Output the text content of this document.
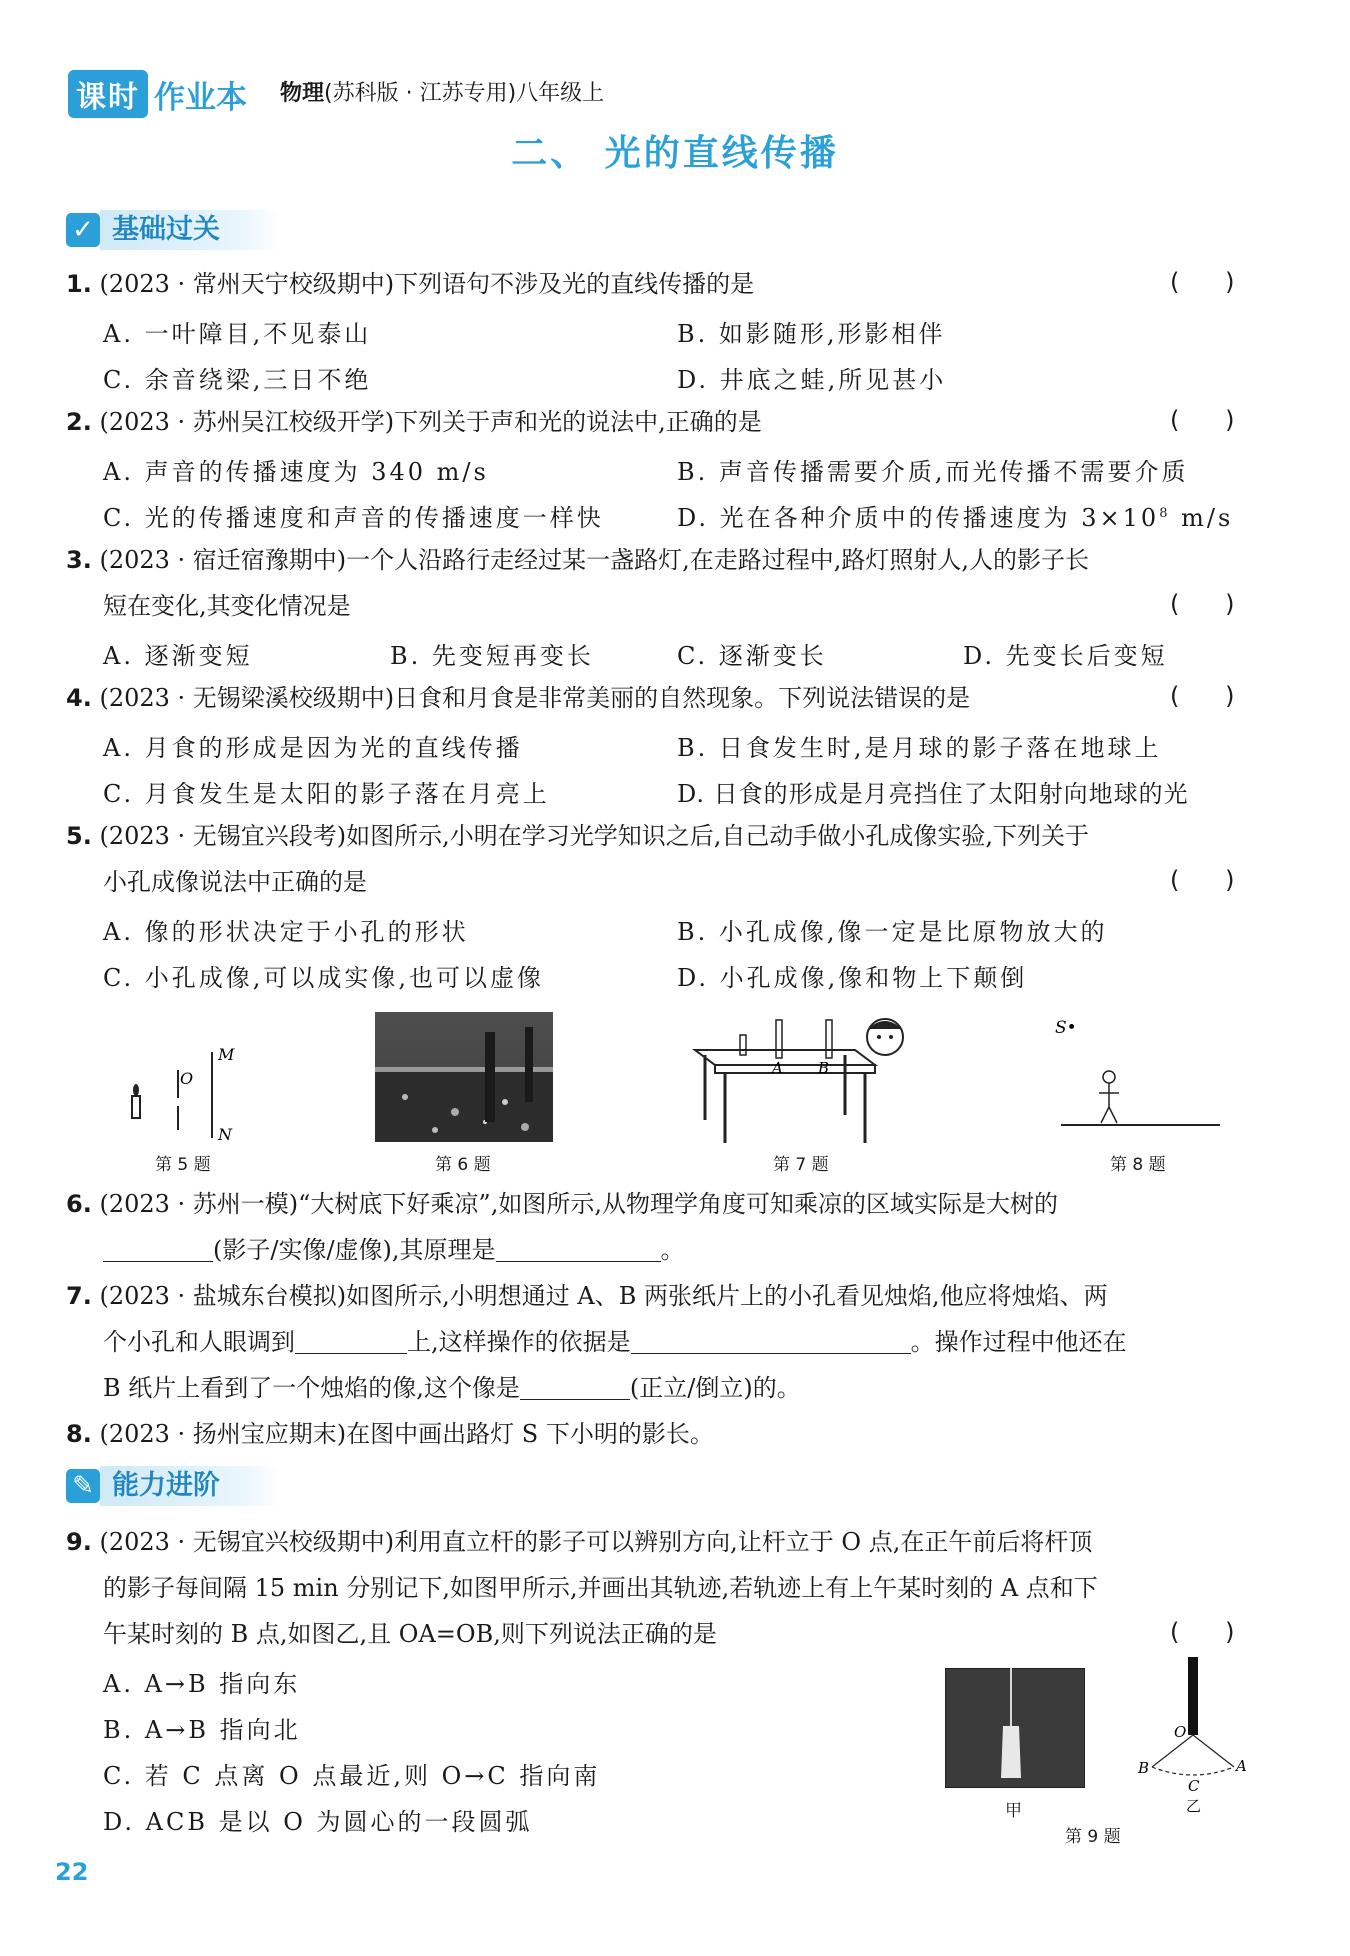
课时 作业本 物理(苏科版 · 江苏专用)八年级上
二、 光的直线传播
✓ 基础过关
1. (2023 · 常州天宁校级期中)下列语句不涉及光的直线传播的是	(      )
A. 一叶障目,不见泰山	B. 如影随形,形影相伴
C. 余音绕梁,三日不绝	D. 井底之蛙,所见甚小
2. (2023 · 苏州吴江校级开学)下列关于声和光的说法中,正确的是	(      )
A. 声音的传播速度为 340 m/s	B. 声音传播需要介质,而光传播不需要介质
C. 光的传播速度和声音的传播速度一样快	D. 光在各种介质中的传播速度为 $3\times 10^8$ m/s
3. (2023 · 宿迁宿豫期中)一个人沿路行走经过某一盏路灯,在走路过程中,路灯照射人,人的影子长
短在变化,其变化情况是	(      )
A. 逐渐变短	B. 先变短再变长	C. 逐渐变长	D. 先变长后变短
4. (2023 · 无锡梁溪校级期中)日食和月食是非常美丽的自然现象。下列说法错误的是	(      )
A. 月食的形成是因为光的直线传播	B. 日食发生时,是月球的影子落在地球上
C. 月食发生是太阳的影子落在月亮上	D. 日食的形成是月亮挡住了太阳射向地球的光
5. (2023 · 无锡宜兴段考)如图所示,小明在学习光学知识之后,自己动手做小孔成像实验,下列关于
小孔成像说法中正确的是	(      )
A. 像的形状决定于小孔的形状	B. 小孔成像,像一定是比原物放大的
C. 小孔成像,可以成实像,也可以虚像	D. 小孔成像,像和物上下颠倒
O
M
N
第 5 题	第 6 题
A B
第 7 题
S•
第 8 题
6. (2023 · 苏州一模)“大树底下好乘凉”,如图所示,从物理学角度可知乘凉的区域实际是大树的
(影子/实像/虚像),其原理是	。
7. (2023 · 盐城东台模拟)如图所示,小明想通过 A、B 两张纸片上的小孔看见烛焰,他应将烛焰、两
个小孔和人眼调到	上,这样操作的依据是	。操作过程中他还在
B 纸片上看到了一个烛焰的像,这个像是	(正立/倒立)的。
8. (2023 · 扬州宝应期末)在图中画出路灯 S 下小明的影长。
✎ 能力进阶
9. (2023 · 无锡宜兴校级期中)利用直立杆的影子可以辨别方向,让杆立于 O 点,在正午前后将杆顶
的影子每间隔 15 min 分别记下,如图甲所示,并画出其轨迹,若轨迹上有上午某时刻的 A 点和下
午某时刻的 B 点,如图乙,且 OA=OB,则下列说法正确的是	(      )
A. A→B 指向东
B. A→B 指向北
C. 若 C 点离 O 点最近,则 O→C 指向南
D. ACB 是以 O 为圆心的一段圆弧	甲
O
B	A
C
乙
第 9 题
22
